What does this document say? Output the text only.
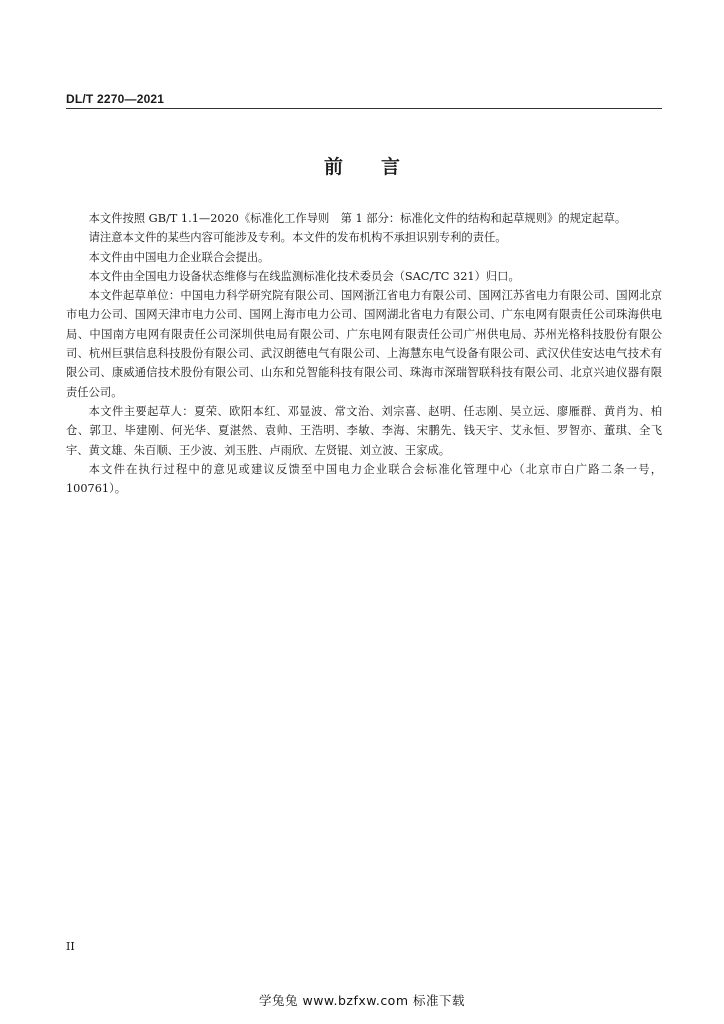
DL/T 2270—2021
前言

本文件按照 GB/T 1.1—2020《标准化工作导则　第 1 部分：标准化文件的结构和起草规则》的规定起草。

请注意本文件的某些内容可能涉及专利。本文件的发布机构不承担识别专利的责任。

本文件由中国电力企业联合会提出。

本文件由全国电力设备状态维修与在线监测标准化技术委员会（SAC/TC 321）归口。

本文件起草单位：中国电力科学研究院有限公司、国网浙江省电力有限公司、国网江苏省电力有限公司、国网北京市电力公司、国网天津市电力公司、国网上海市电力公司、国网湖北省电力有限公司、广东电网有限责任公司珠海供电局、中国南方电网有限责任公司深圳供电局有限公司、广东电网有限责任公司广州供电局、苏州光格科技股份有限公司、杭州巨骐信息科技股份有限公司、武汉朗德电气有限公司、上海慧东电气设备有限公司、武汉伏佳安达电气技术有限公司、康威通信技术股份有限公司、山东和兑智能科技有限公司、珠海市深瑞智联科技有限公司、北京兴迪仪器有限责任公司。

本文件主要起草人：夏荣、欧阳本红、邓显波、常文治、刘宗喜、赵明、任志刚、吴立远、廖雁群、黄肖为、柏仓、郭卫、毕建刚、何光华、夏湛然、袁帅、王浩明、李敏、李海、宋鹏先、钱天宇、艾永恒、罗智亦、董琪、全飞宇、黄文雄、朱百顺、王少波、刘玉胜、卢雨欣、左贤锟、刘立波、王家成。

本文件在执行过程中的意见或建议反馈至中国电力企业联合会标准化管理中心（北京市白广路二条一号，100761）。

II
学兔兔 www.bzfxw.com 标准下载
